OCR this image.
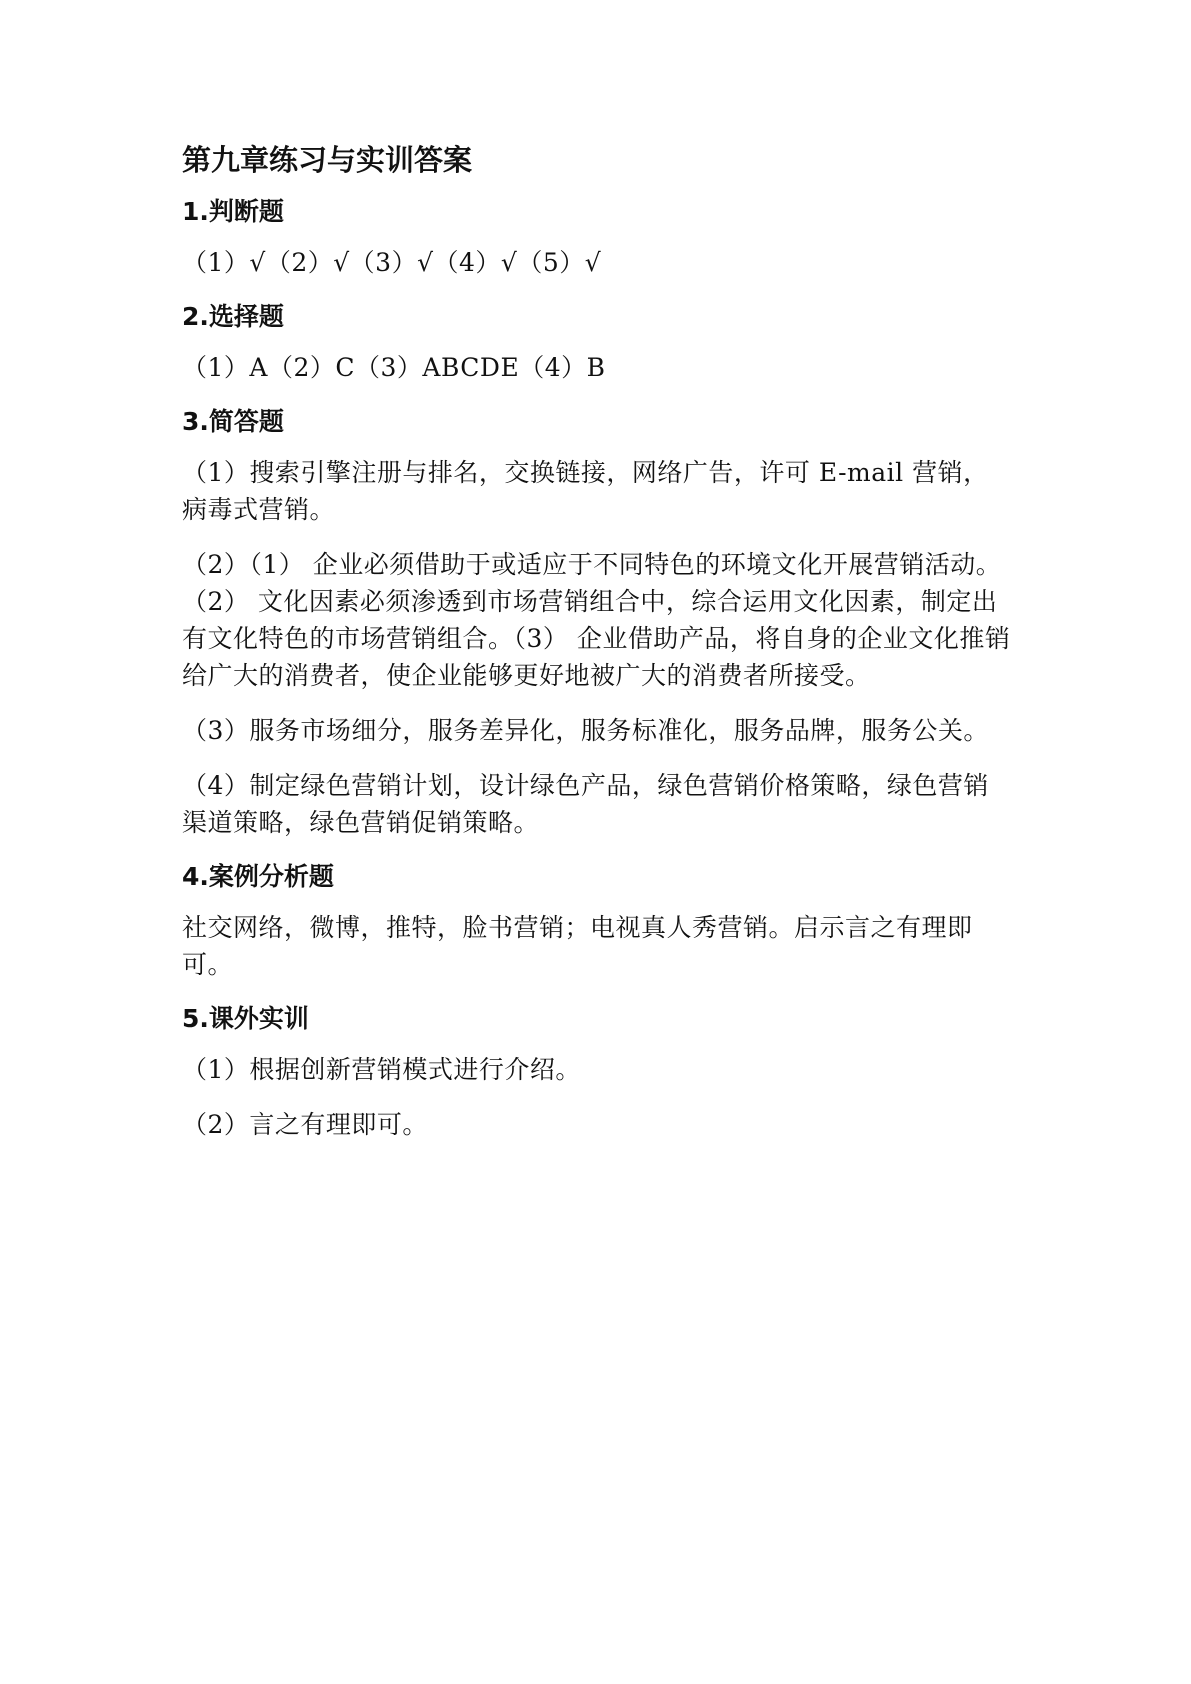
第九章练习与实训答案
1.判断题

（1）√（2）√（3）√（4）√（5）√

2.选择题

（1）A（2）C（3）ABCDE（4）B

3.简答题

（1）搜索引擎注册与排名，交换链接，网络广告，许可 E-mail 营销，病毒式营销。

（2）（1） 企业必须借助于或适应于不同特色的环境文化开展营销活动。（2） 文化因素必须渗透到市场营销组合中，综合运用文化因素，制定出有文化特色的市场营销组合。（3） 企业借助产品，将自身的企业文化推销给广大的消费者，使企业能够更好地被广大的消费者所接受。

（3）服务市场细分，服务差异化，服务标准化，服务品牌，服务公关。

（4）制定绿色营销计划，设计绿色产品，绿色营销价格策略，绿色营销渠道策略，绿色营销促销策略。

4.案例分析题

社交网络，微博，推特，脸书营销；电视真人秀营销。启示言之有理即可。

5.课外实训

（1）根据创新营销模式进行介绍。

（2）言之有理即可。
